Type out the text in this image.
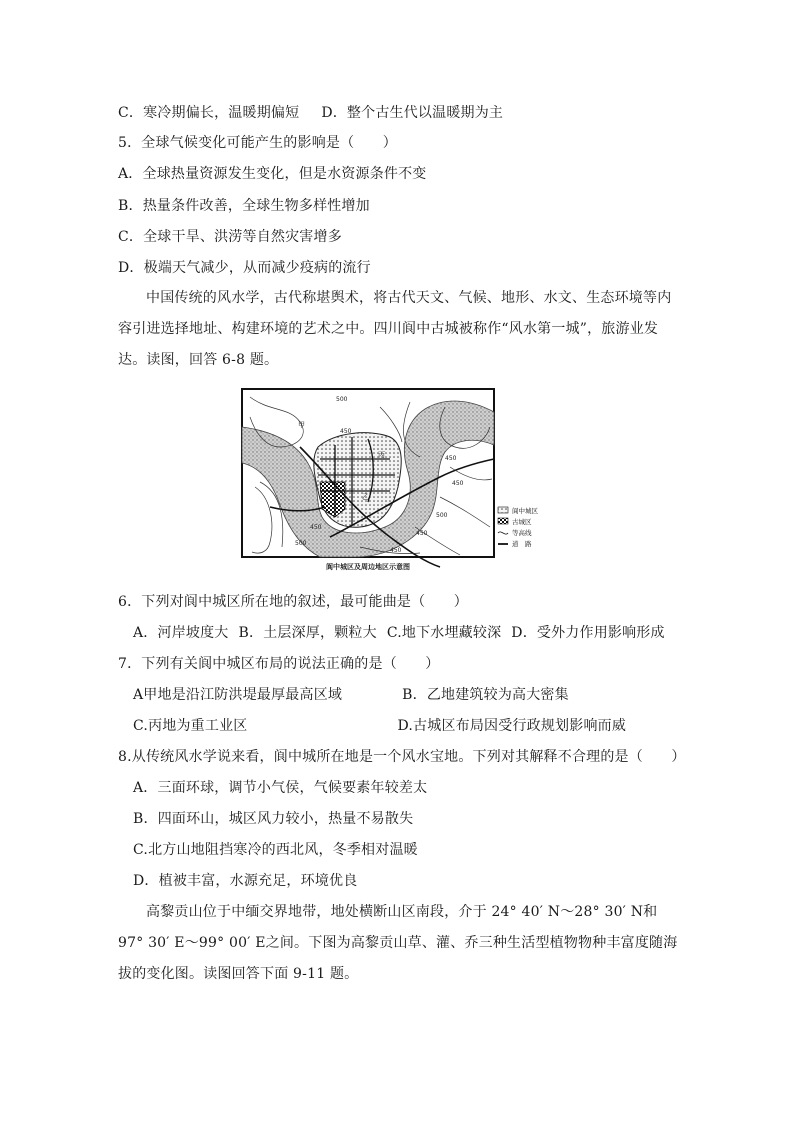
C．寒冷期偏长，温暖期偏短 D．整个古生代以温暖期为主
5．全球气候变化可能产生的影响是（　　）
A．全球热量资源发生变化，但是水资源条件不变
B．热量条件改善，全球生物多样性增加
C．全球干旱、洪涝等自然灾害增多
D．极端天气减少，从而减少疫病的流行
中国传统的风水学，古代称堪舆术，将古代天文、气候、地形、水文、生态环境等内容引进选择地址、构建环境的艺术之中。四川阆中古城被称作“风水第一城”，旅游业发达。读图，回答 6-8 题。
500
450
450
450
500
450
500
450
450
甲
乙
丙
阆中城区
古城区
等高线
道　路
阆中城区及周边地区示意图
6．下列对阆中城区所在地的叙述，最可能曲是（　　）
A．河岸坡度大 B．土层深厚，颗粒大 C.地下水埋藏较深 D．受外力作用影响形成
7．下列有关阆中城区布局的说法正确的是（　　）
A甲地是沿江防洪堤最厚最高区域	B．乙地建筑较为高大密集
C.丙地为重工业区	D.古城区布局因受行政规划影响而威
8.从传统风水学说来看，阆中城所在地是一个风水宝地。下列对其解释不合理的是（　　）
A．三面环球，调节小气侯，气候要素年较差太
B．四面环山，城区风力较小，热量不易散失
C.北方山地阻挡寒冷的西北风，冬季相对温暖
D．植被丰富，水源充足，环境优良
高黎贡山位于中缅交界地带，地处横断山区南段，介于 24° 40′ N～28° 30′ N和97° 30′ E～99° 00′ E之间。下图为高黎贡山草、灌、乔三种生活型植物物种丰富度随海拔的变化图。读图回答下面 9-11 题。
